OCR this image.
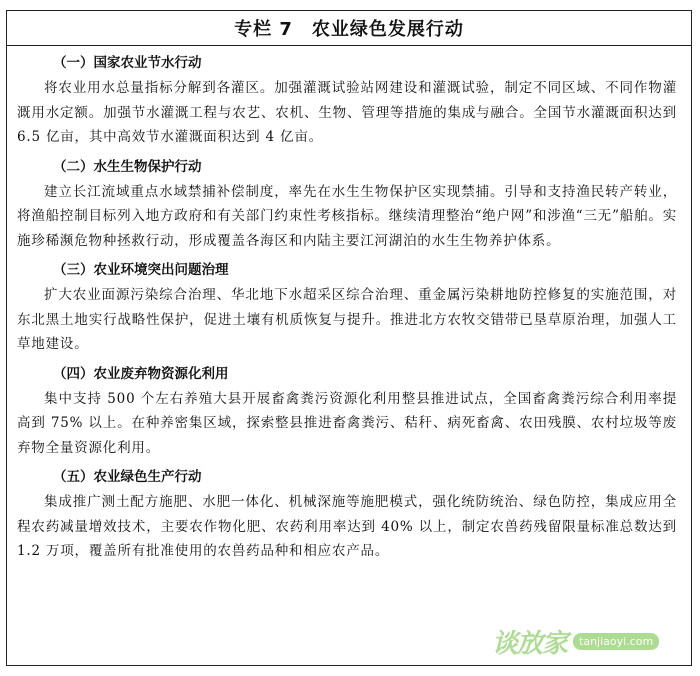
专栏 7　农业绿色发展行动
（一）国家农业节水行动

将农业用水总量指标分解到各灌区。加强灌溉试验站网建设和灌溉试验，制定不同区域、不同作物灌溉用水定额。加强节水灌溉工程与农艺、农机、生物、管理等措施的集成与融合。全国节水灌溉面积达到 6.5 亿亩，其中高效节水灌溉面积达到 4 亿亩。

（二）水生生物保护行动

建立长江流域重点水域禁捕补偿制度，率先在水生生物保护区实现禁捕。引导和支持渔民转产转业，将渔船控制目标列入地方政府和有关部门约束性考核指标。继续清理整治“绝户网”和涉渔“三无”船舶。实施珍稀濒危物种拯救行动，形成覆盖各海区和内陆主要江河湖泊的水生生物养护体系。

（三）农业环境突出问题治理

扩大农业面源污染综合治理、华北地下水超采区综合治理、重金属污染耕地防控修复的实施范围，对东北黑土地实行战略性保护，促进土壤有机质恢复与提升。推进北方农牧交错带已垦草原治理，加强人工草地建设。

（四）农业废弃物资源化利用

集中支持 500 个左右养殖大县开展畜禽粪污资源化利用整县推进试点，全国畜禽粪污综合利用率提高到 75% 以上。在种养密集区域，探索整县推进畜禽粪污、秸秆、病死畜禽、农田残膜、农村垃圾等废弃物全量资源化利用。

（五）农业绿色生产行动

集成推广测土配方施肥、水肥一体化、机械深施等施肥模式，强化统防统治、绿色防控，集成应用全程农药减量增效技术，主要农作物化肥、农药利用率达到 40% 以上，制定农兽药残留限量标准总数达到 1.2 万项，覆盖所有批准使用的农兽药品种和相应农产品。

谈放家	tanjiaoyi.com
